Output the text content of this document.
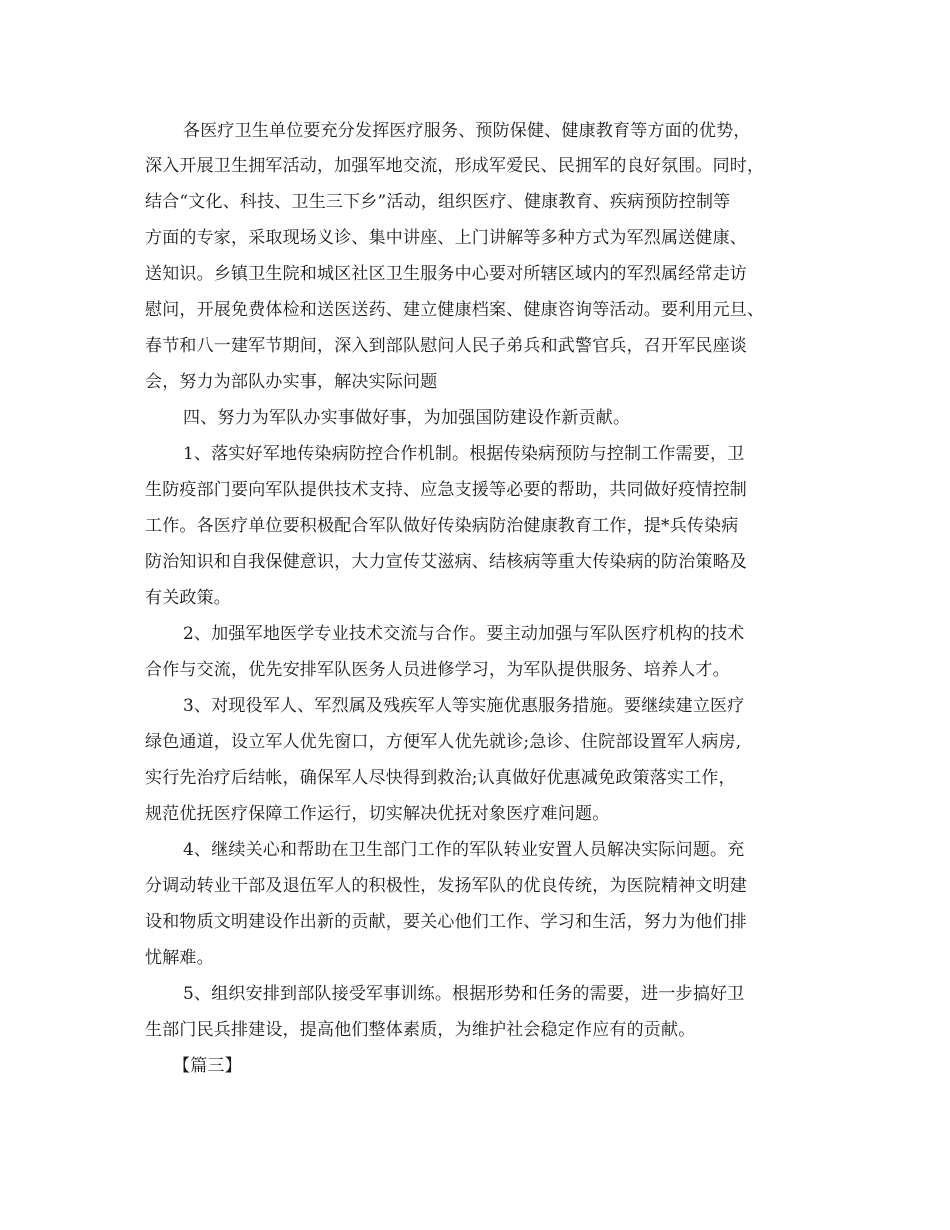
各医疗卫生单位要充分发挥医疗服务、预防保健、健康教育等方面的优势，
深入开展卫生拥军活动，加强军地交流，形成军爱民、民拥军的良好氛围。同时，
结合“文化、科技、卫生三下乡”活动，组织医疗、健康教育、疾病预防控制等
方面的专家，采取现场义诊、集中讲座、上门讲解等多种方式为军烈属送健康、
送知识。乡镇卫生院和城区社区卫生服务中心要对所辖区域内的军烈属经常走访
慰问，开展免费体检和送医送药、建立健康档案、健康咨询等活动。要利用元旦、
春节和八一建军节期间，深入到部队慰问人民子弟兵和武警官兵，召开军民座谈
会，努力为部队办实事，解决实际问题
四、努力为军队办实事做好事，为加强国防建设作新贡献。
1、落实好军地传染病防控合作机制。根据传染病预防与控制工作需要，卫
生防疫部门要向军队提供技术支持、应急支援等必要的帮助，共同做好疫情控制
工作。各医疗单位要积极配合军队做好传染病防治健康教育工作，提*兵传染病
防治知识和自我保健意识，大力宣传艾滋病、结核病等重大传染病的防治策略及
有关政策。
2、加强军地医学专业技术交流与合作。要主动加强与军队医疗机构的技术
合作与交流，优先安排军队医务人员进修学习，为军队提供服务、培养人才。
3、对现役军人、军烈属及残疾军人等实施优惠服务措施。要继续建立医疗
绿色通道，设立军人优先窗口，方便军人优先就诊;急诊、住院部设置军人病房,
实行先治疗后结帐，确保军人尽快得到救治;认真做好优惠减免政策落实工作，
规范优抚医疗保障工作运行，切实解决优抚对象医疗难问题。
4、继续关心和帮助在卫生部门工作的军队转业安置人员解决实际问题。充
分调动转业干部及退伍军人的积极性，发扬军队的优良传统，为医院精神文明建
设和物质文明建设作出新的贡献，要关心他们工作、学习和生活，努力为他们排
忧解难。
5、组织安排到部队接受军事训练。根据形势和任务的需要，进一步搞好卫
生部门民兵排建设，提高他们整体素质，为维护社会稳定作应有的贡献。
【篇三】
